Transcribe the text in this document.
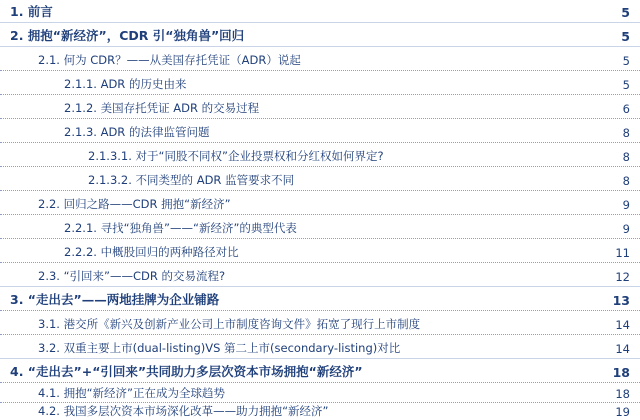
1. 前言	5
2. 拥抱“新经济”，CDR 引“独角兽”回归	5
2.1. 何为 CDR？——从美国存托凭证（ADR）说起	5
2.1.1. ADR 的历史由来	5
2.1.2. 美国存托凭证 ADR 的交易过程	6
2.1.3. ADR 的法律监管问题	8
2.1.3.1. 对于“同股不同权”企业投票权和分红权如何界定?	8
2.1.3.2. 不同类型的 ADR 监管要求不同	8
2.2. 回归之路——CDR 拥抱“新经济”	9
2.2.1. 寻找“独角兽”——“新经济”的典型代表	9
2.2.2. 中概股回归的两种路径对比	11
2.3. “引回来”——CDR 的交易流程?	12
3. “走出去”——两地挂牌为企业铺路	13
3.1. 港交所《新兴及创新产业公司上市制度咨询文件》拓宽了现行上市制度	14
3.2. 双重主要上市(dual-listing)VS 第二上市(secondary-listing)对比	14
4. “走出去”+“引回来”共同助力多层次资本市场拥抱“新经济”	18
4.1. 拥抱“新经济”正在成为全球趋势	18
4.2. 我国多层次资本市场深化改革——助力拥抱“新经济”	19
